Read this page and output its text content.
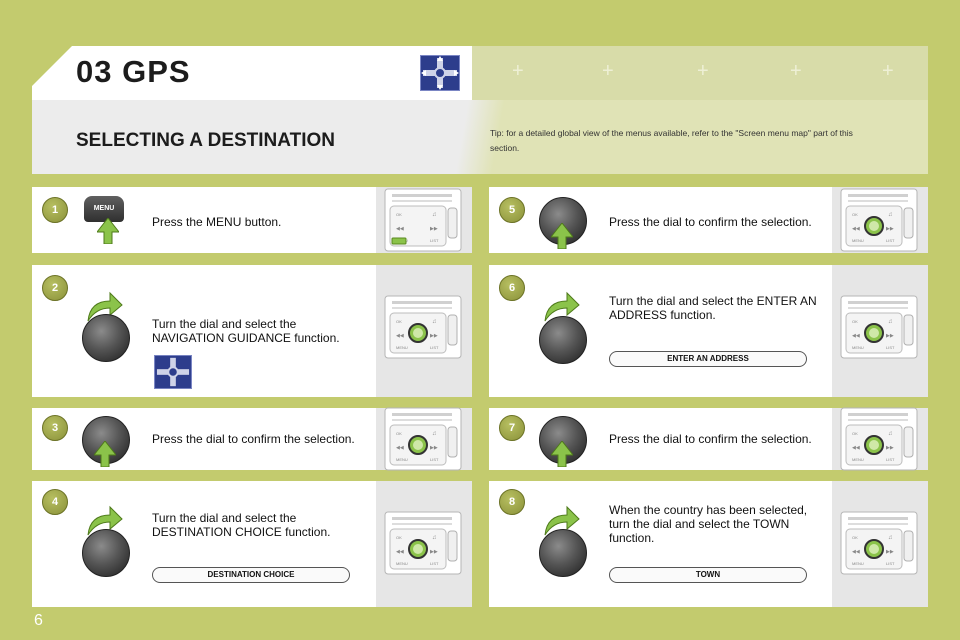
+	+	+	+	+
03 GPS
SELECTING A DESTINATION	Tip: for a detailed global view of the menus available, refer to the "Screen menu map" part of this section.
1
Press the MENU button.
MENU
2
Turn the dial and select the NAVIGATION GUIDANCE function.
3
Press the dial to confirm the selection.
4
Turn the dial and select the DESTINATION CHOICE function.
DESTINATION CHOICE
5
Press the dial to confirm the selection.
6
Turn the dial and select the ENTER AN ADDRESS function.
ENTER AN ADDRESS
7
Press the dial to confirm the selection.
8
When the country has been selected, turn the dial and select the TOWN function.
TOWN
6
